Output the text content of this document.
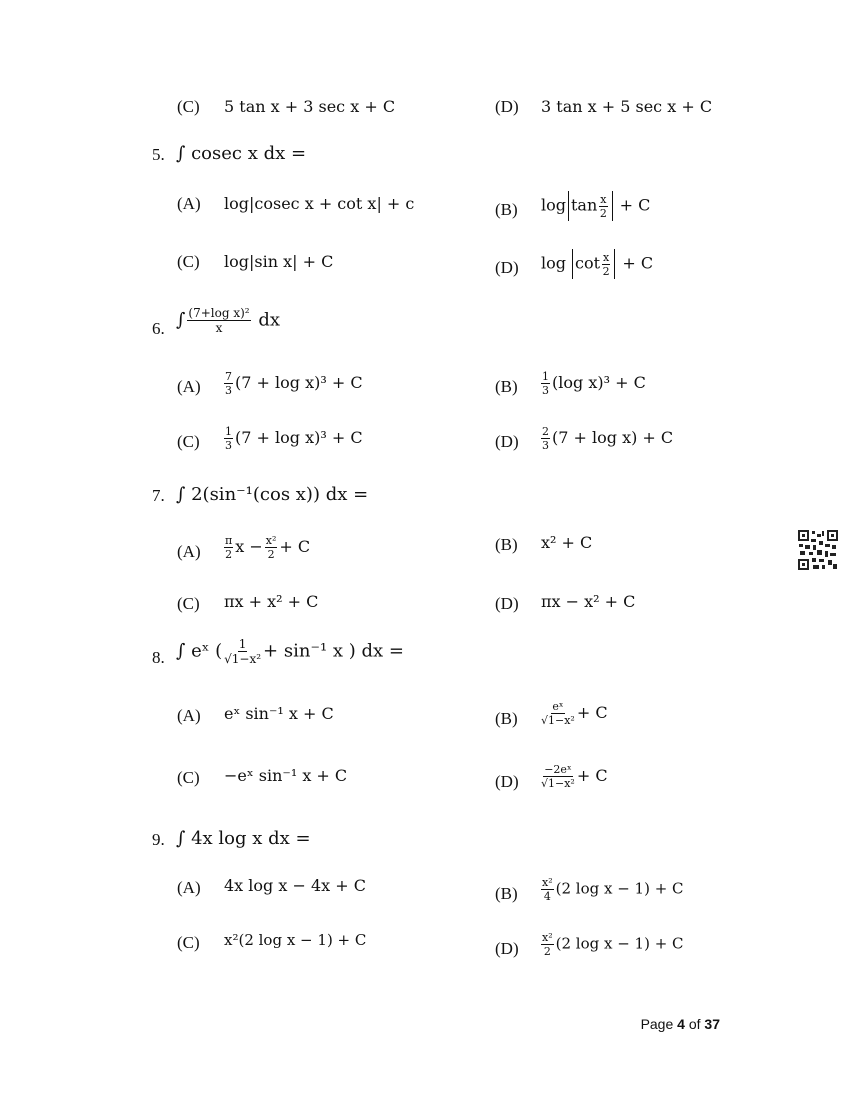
(C) 5 tan x + 3 sec x + C	(D) 3 tan x + 5 sec x + C
5. ∫ cosec x dx =
(A) log|cosec x + cot x| + c	(B) $\log \tan \frac{x}{2} + C$
(C) log|sin x| + C	(D) $\log \cot \frac{x}{2} + C$
6. ∫ $\frac{\text{(7+log x)²}}{x}$ dx
$(A) \frac{7}{3} (7 + \log x)^3 + C$	$(B) \frac{1}{3} (\log$ x)³ + C
$(C) \frac{1}{3} (7 + \log x)^3 + C$	$(D) \frac{2}{3} (7 + \log x) + C$
7. ∫ 2(sin⁻¹(cos x)) dx =
$(A) \frac{\pi}{2}$ $x - \frac{\text{x²}}{2} + C$	(B) x² + C
(C) πx + x² + C	(D) πx − x² + C
8. ∫ eˣ ( $\frac{1}{\text{√1−x²}} + \sin^{-1}$ x ) dx =
(A) eˣ sin⁻¹ x + C	$(B) \frac{\text{eˣ}}{\text{√1−x²}} + C$
(C) −eˣ sin⁻¹ x + C	$(D) \frac{\text{−2eˣ}}{\text{√1−x²}} + C$
9. ∫ 4x log x dx =
(A) 4x log x − 4x + C	$(B) \frac{\text{x²}}{4} (2$ log x − 1) + C
(C) x²(2 log x − 1) + C	$(D) \frac{\text{x²}}{2} (2$ log x − 1) + C
Page 4 of 37
